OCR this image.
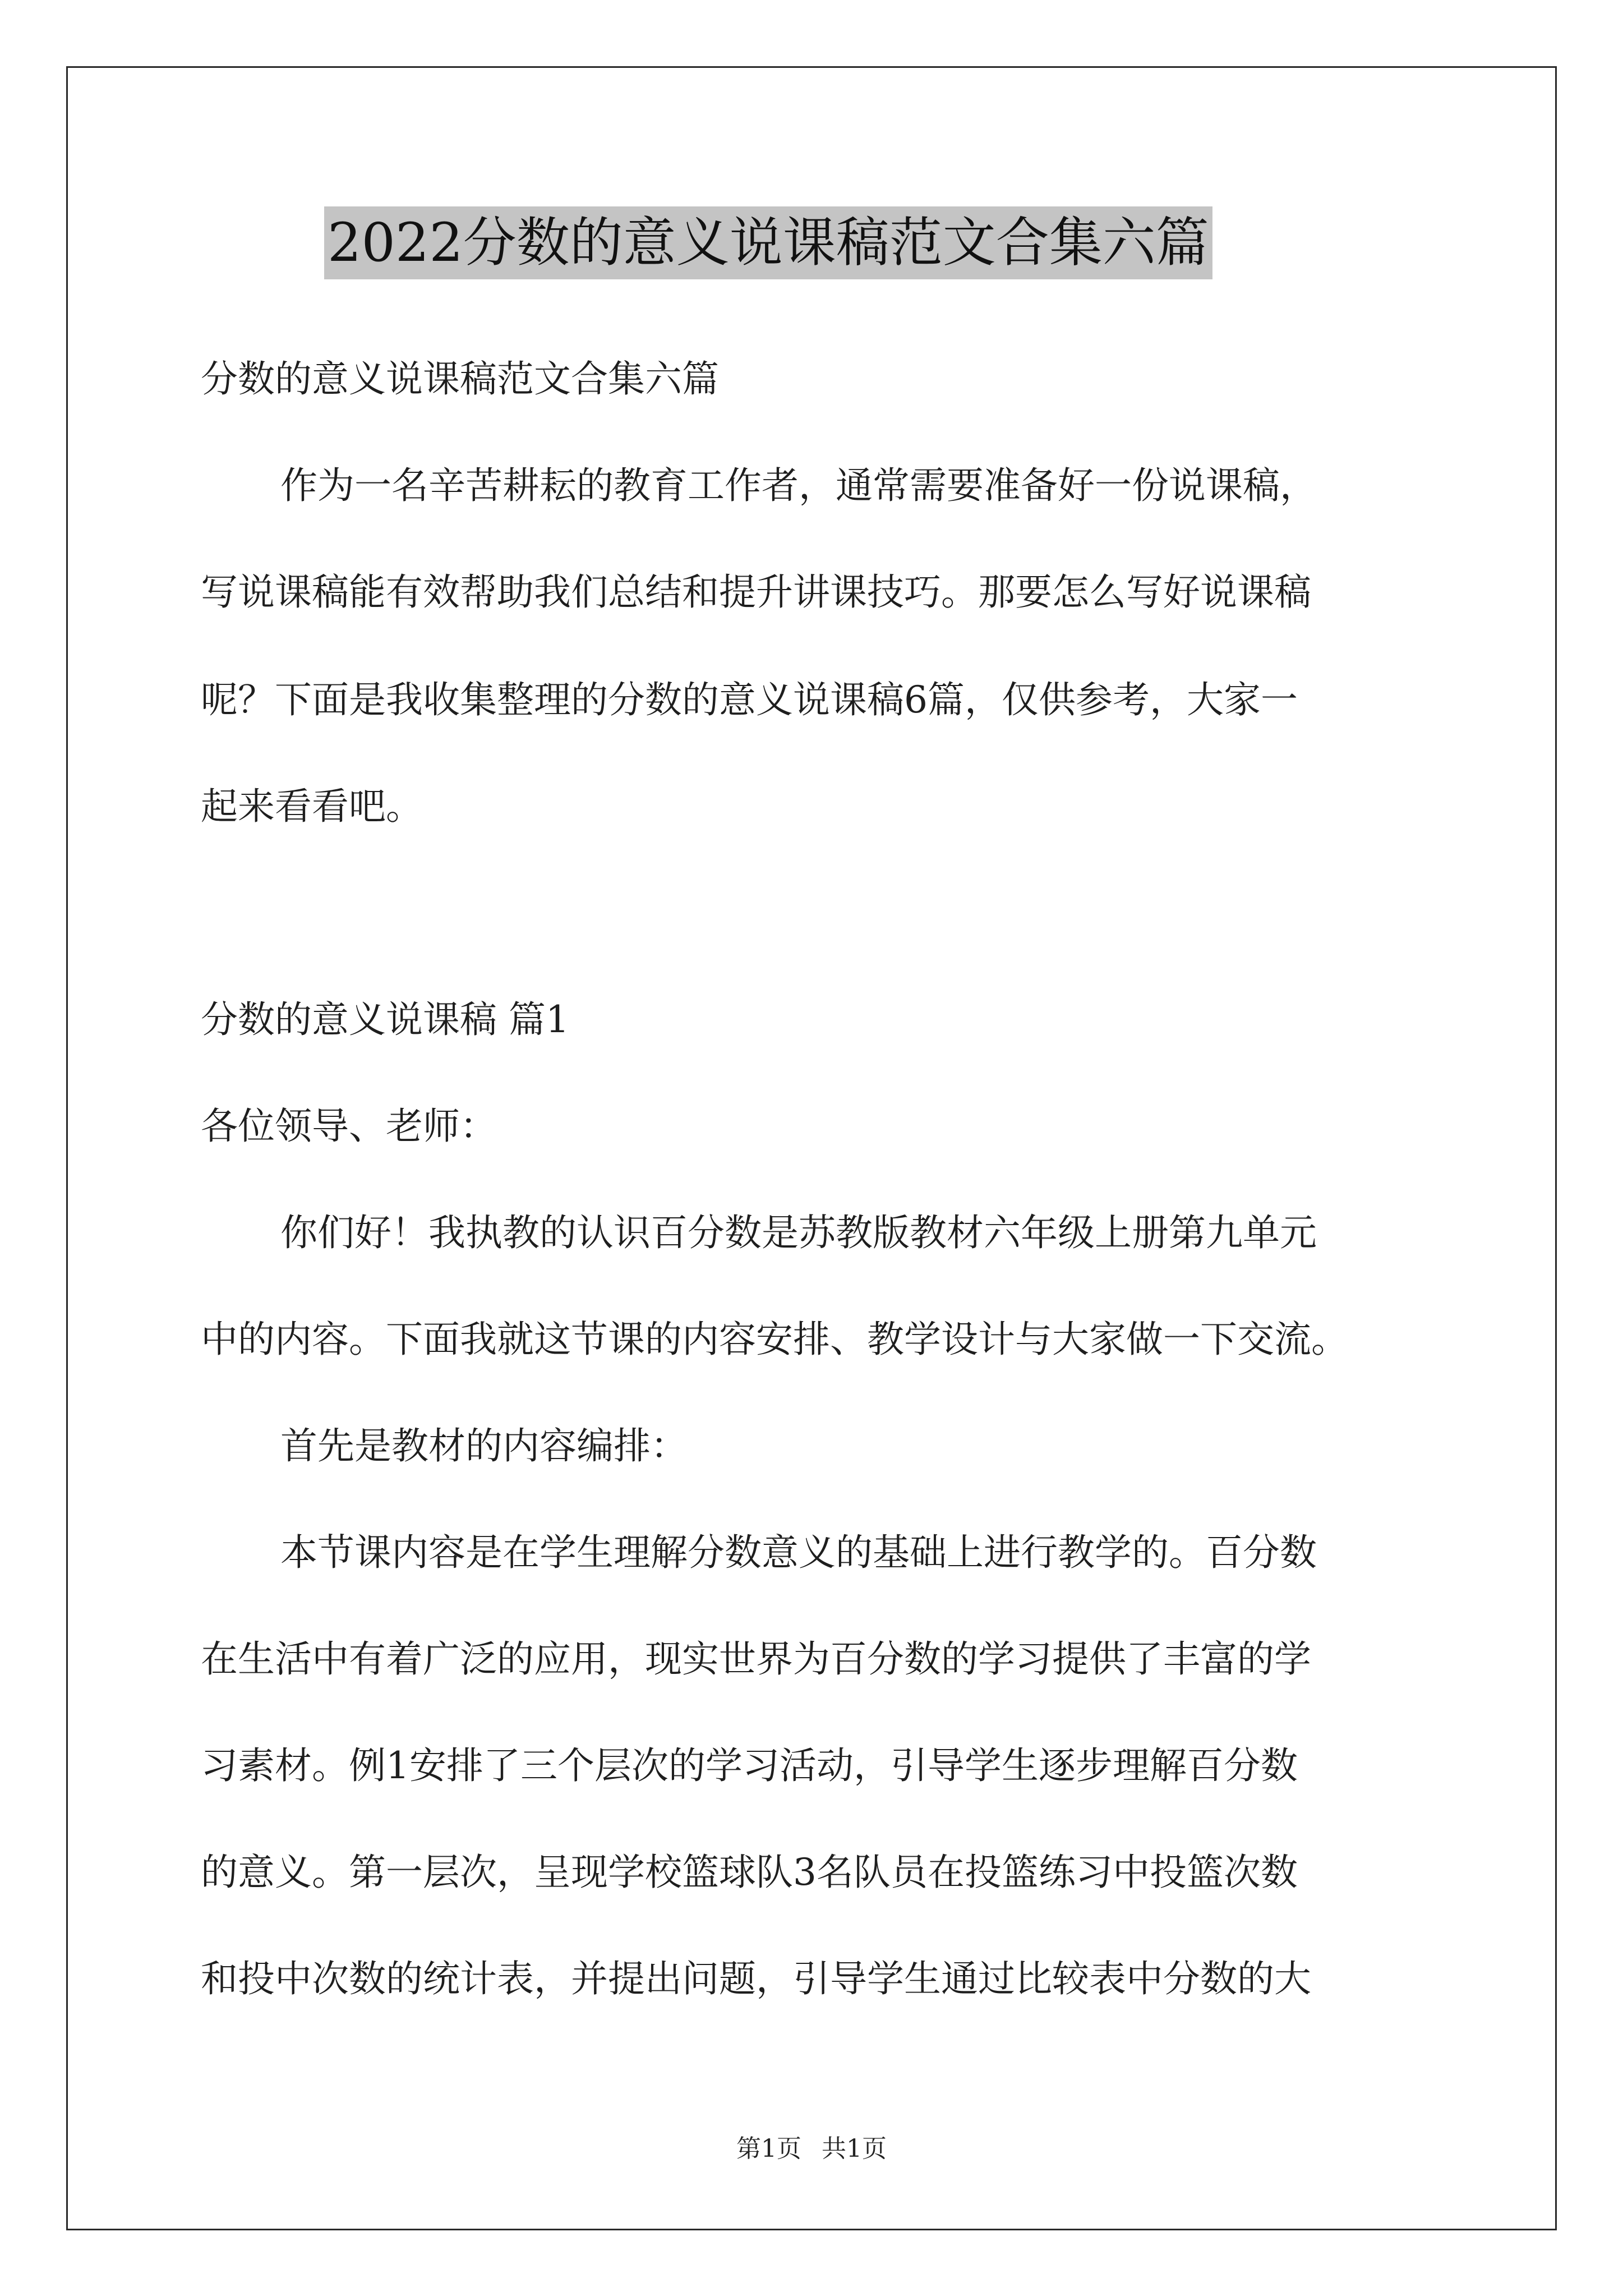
2022分数的意义说课稿范文合集六篇
分数的意义说课稿范文合集六篇
作为一名辛苦耕耘的教育工作者，通常需要准备好一份说课稿，
写说课稿能有效帮助我们总结和提升讲课技巧。那要怎么写好说课稿
呢？下面是我收集整理的分数的意义说课稿6篇，仅供参考，大家一
起来看看吧。
分数的意义说课稿 篇1
各位领导、老师：
你们好！我执教的认识百分数是苏教版教材六年级上册第九单元
中的内容。下面我就这节课的内容安排、教学设计与大家做一下交流。
首先是教材的内容编排：
本节课内容是在学生理解分数意义的基础上进行教学的。百分数
在生活中有着广泛的应用，现实世界为百分数的学习提供了丰富的学
习素材。例1安排了三个层次的学习活动，引导学生逐步理解百分数
的意义。第一层次，呈现学校篮球队3名队员在投篮练习中投篮次数
和投中次数的统计表，并提出问题，引导学生通过比较表中分数的大
第1页 共1页
